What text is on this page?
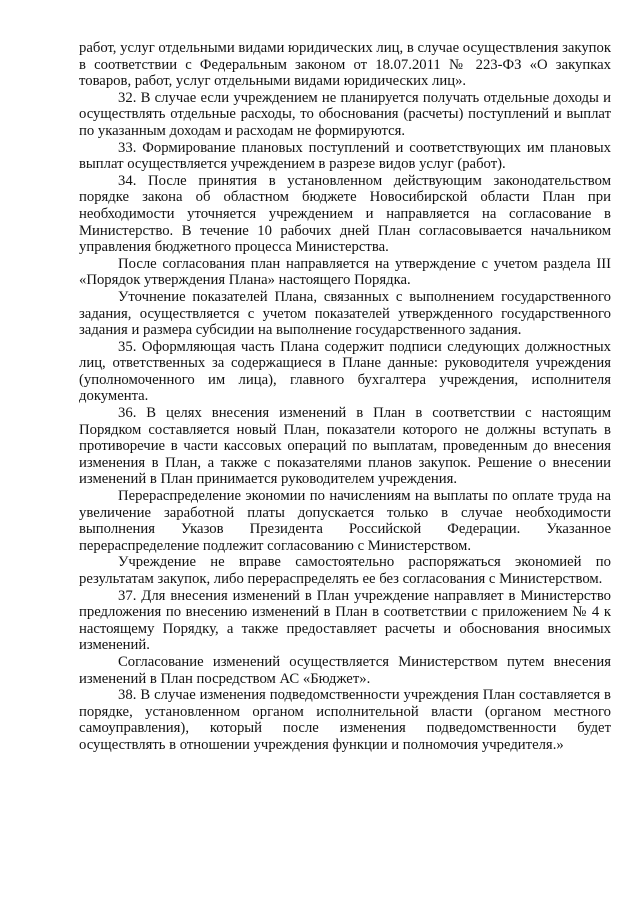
работ, услуг отдельными видами юридических лиц, в случае осуществления закупок в соответствии с Федеральным законом от 18.07.2011 № 223-ФЗ «О закупках товаров, работ, услуг отдельными видами юридических лиц».

32. В случае если учреждением не планируется получать отдельные доходы и осуществлять отдельные расходы, то обоснования (расчеты) поступлений и выплат по указанным доходам и расходам не формируются.

33. Формирование плановых поступлений и соответствующих им плановых выплат осуществляется учреждением в разрезе видов услуг (работ).

34. После принятия в установленном действующим законодательством порядке закона об областном бюджете Новосибирской области План при необходимости уточняется учреждением и направляется на согласование в Министерство. В течение 10 рабочих дней План согласовывается начальником управления бюджетного процесса Министерства.

После согласования план направляется на утверждение с учетом раздела III «Порядок утверждения Плана» настоящего Порядка.

Уточнение показателей Плана, связанных с выполнением государственного задания, осуществляется с учетом показателей утвержденного государственного задания и размера субсидии на выполнение государственного задания.

35. Оформляющая часть Плана содержит подписи следующих должностных лиц, ответственных за содержащиеся в Плане данные: руководителя учреждения (уполномоченного им лица), главного бухгалтера учреждения, исполнителя документа.

36. В целях внесения изменений в План в соответствии с настоящим Порядком составляется новый План, показатели которого не должны вступать в противоречие в части кассовых операций по выплатам, проведенным до внесения изменения в План, а также с показателями планов закупок. Решение о внесении изменений в План принимается руководителем учреждения.

Перераспределение экономии по начислениям на выплаты по оплате труда на увеличение заработной платы допускается только в случае необходимости выполнения Указов Президента Российской Федерации. Указанное перераспределение подлежит согласованию с Министерством.

Учреждение не вправе самостоятельно распоряжаться экономией по результатам закупок, либо перераспределять ее без согласования с Министерством.

37. Для внесения изменений в План учреждение направляет в Министерство предложения по внесению изменений в План в соответствии с приложением № 4 к настоящему Порядку, а также предоставляет расчеты и обоснования вносимых изменений.

Согласование изменений осуществляется Министерством путем внесения изменений в План посредством АС «Бюджет».

38. В случае изменения подведомственности учреждения План составляется в порядке, установленном органом исполнительной власти (органом местного самоуправления), который после изменения подведомственности будет осуществлять в отношении учреждения функции и полномочия учредителя.»
